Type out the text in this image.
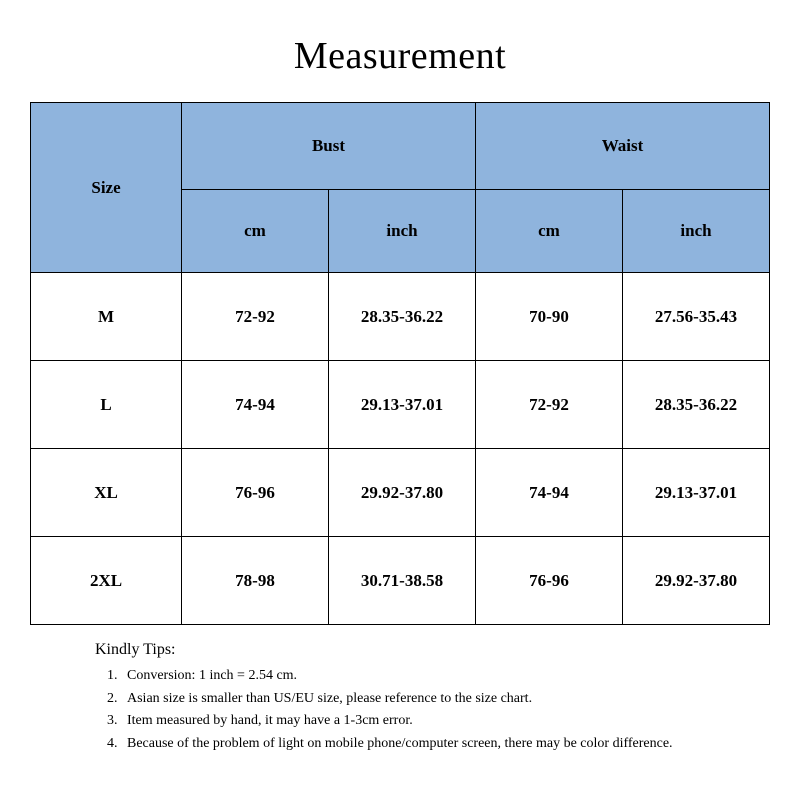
Measurement
Size	Bust		Waist	
	cm	inch	cm	inch
M	72-92	28.35-36.22	70-90	27.56-35.43
L	74-94	29.13-37.01	72-92	28.35-36.22
XL	76-96	29.92-37.80	74-94	29.13-37.01
2XL	78-98	30.71-38.58	76-96	29.92-37.80
Kindly Tips:
1. Conversion: 1 inch = 2.54 cm.
2. Asian size is smaller than US/EU size, please reference to the size chart.
3. Item measured by hand, it may have a 1-3cm error.
4. Because of the problem of light on mobile phone/computer screen, there may be color difference.
